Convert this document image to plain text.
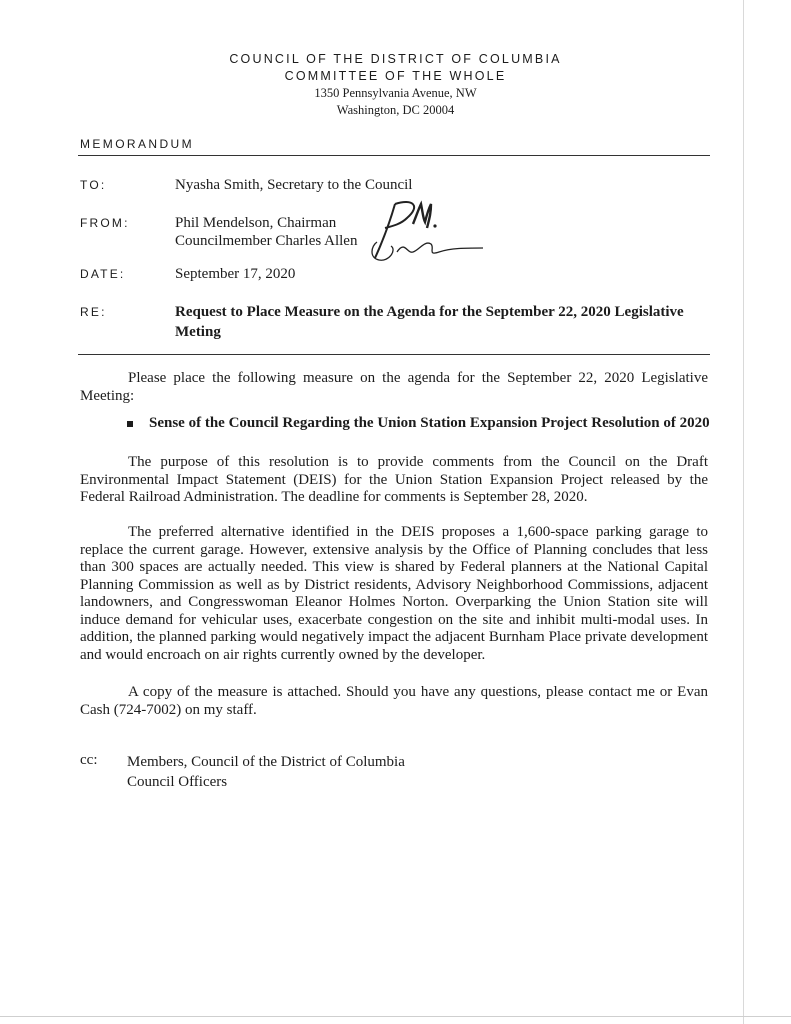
COUNCIL OF THE DISTRICT OF COLUMBIA
COMMITTEE OF THE WHOLE
1350 Pennsylvania Avenue, NW
Washington, DC 20004
MEMORANDUM
TO:	Nyasha Smith, Secretary to the Council
FROM:	Phil Mendelson, Chairman
Councilmember Charles Allen
DATE:	September 17, 2020
RE:	Request to Place Measure on the Agenda for the September 22, 2020 Legislative Meting
Please place the following measure on the agenda for the September 22, 2020 Legislative Meeting:
Sense of the Council Regarding the Union Station Expansion Project Resolution of 2020
The purpose of this resolution is to provide comments from the Council on the Draft Environmental Impact Statement (DEIS) for the Union Station Expansion Project released by the Federal Railroad Administration. The deadline for comments is September 28, 2020.
The preferred alternative identified in the DEIS proposes a 1,600-space parking garage to replace the current garage. However, extensive analysis by the Office of Planning concludes that less than 300 spaces are actually needed. This view is shared by Federal planners at the National Capital Planning Commission as well as by District residents, Advisory Neighborhood Commissions, adjacent landowners, and Congresswoman Eleanor Holmes Norton. Overparking the Union Station site will induce demand for vehicular uses, exacerbate congestion on the site and inhibit multi-modal uses. In addition, the planned parking would negatively impact the adjacent Burnham Place private development and would encroach on air rights currently owned by the developer.
A copy of the measure is attached. Should you have any questions, please contact me or Evan Cash (724-7002) on my staff.
cc: Members, Council of the District of Columbia
Council Officers
